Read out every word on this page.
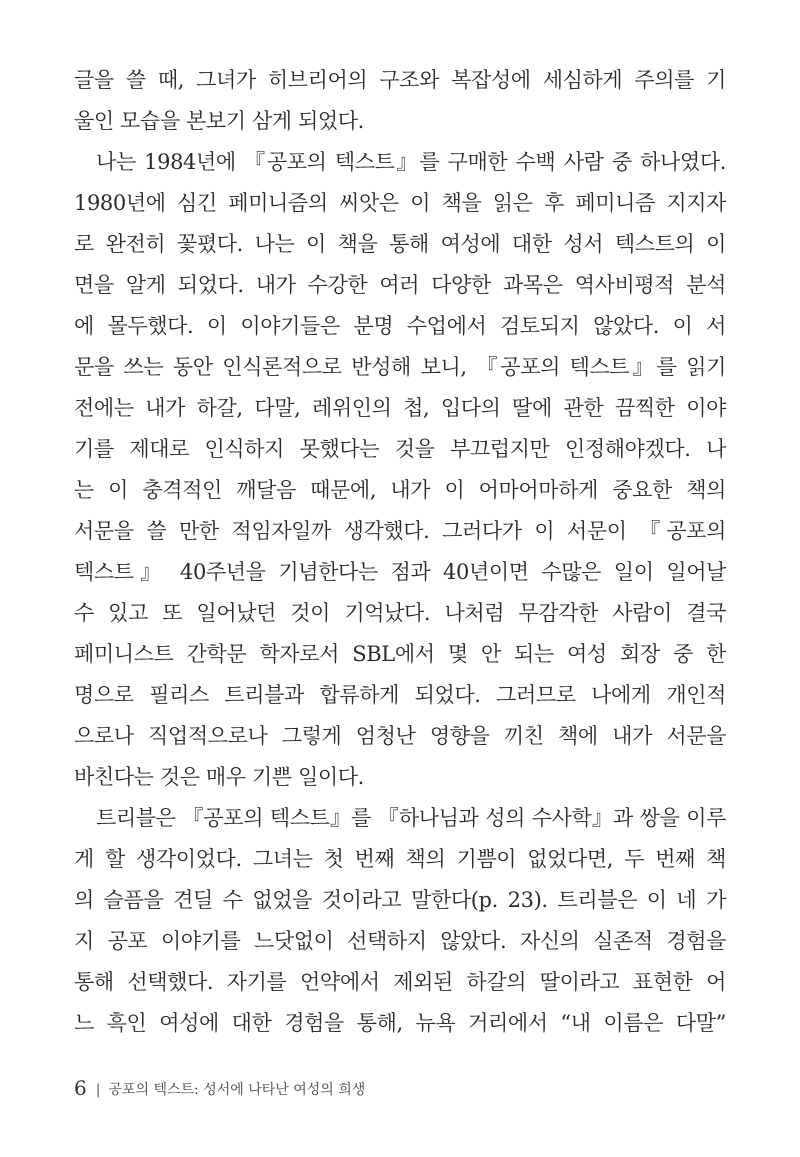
글을 쓸 때, 그녀가 히브리어의 구조와 복잡성에 세심하게 주의를 기
울인 모습을 본보기 삼게 되었다.
나는 1984년에 『공포의 텍스트』를 구매한 수백 사람 중 하나였다.
1980년에 심긴 페미니즘의 씨앗은 이 책을 읽은 후 페미니즘 지지자
로 완전히 꽃폈다. 나는 이 책을 통해 여성에 대한 성서 텍스트의 이
면을 알게 되었다. 내가 수강한 여러 다양한 과목은 역사비평적 분석
에 몰두했다. 이 이야기들은 분명 수업에서 검토되지 않았다. 이 서
문을 쓰는 동안 인식론적으로 반성해 보니, 『공포의 텍스트』를 읽기
전에는 내가 하갈, 다말, 레위인의 첩, 입다의 딸에 관한 끔찍한 이야
기를 제대로 인식하지 못했다는 것을 부끄럽지만 인정해야겠다. 나
는 이 충격적인 깨달음 때문에, 내가 이 어마어마하게 중요한 책의
서문을 쓸 만한 적임자일까 생각했다. 그러다가 이 서문이 『공포의
텍스트』 40주년을 기념한다는 점과 40년이면 수많은 일이 일어날
수 있고 또 일어났던 것이 기억났다. 나처럼 무감각한 사람이 결국
페미니스트 간학문 학자로서 SBL에서 몇 안 되는 여성 회장 중 한
명으로 필리스 트리블과 합류하게 되었다. 그러므로 나에게 개인적
으로나 직업적으로나 그렇게 엄청난 영향을 끼친 책에 내가 서문을
바친다는 것은 매우 기쁜 일이다.
트리블은 『공포의 텍스트』를 『하나님과 성의 수사학』과 쌍을 이루
게 할 생각이었다. 그녀는 첫 번째 책의 기쁨이 없었다면, 두 번째 책
의 슬픔을 견딜 수 없었을 것이라고 말한다(p. 23). 트리블은 이 네 가
지 공포 이야기를 느닷없이 선택하지 않았다. 자신의 실존적 경험을
통해 선택했다. 자기를 언약에서 제외된 하갈의 딸이라고 표현한 어
느 흑인 여성에 대한 경험을 통해, 뉴욕 거리에서 “내 이름은 다말”
6 | 공포의 텍스트: 성서에 나타난 여성의 희생
